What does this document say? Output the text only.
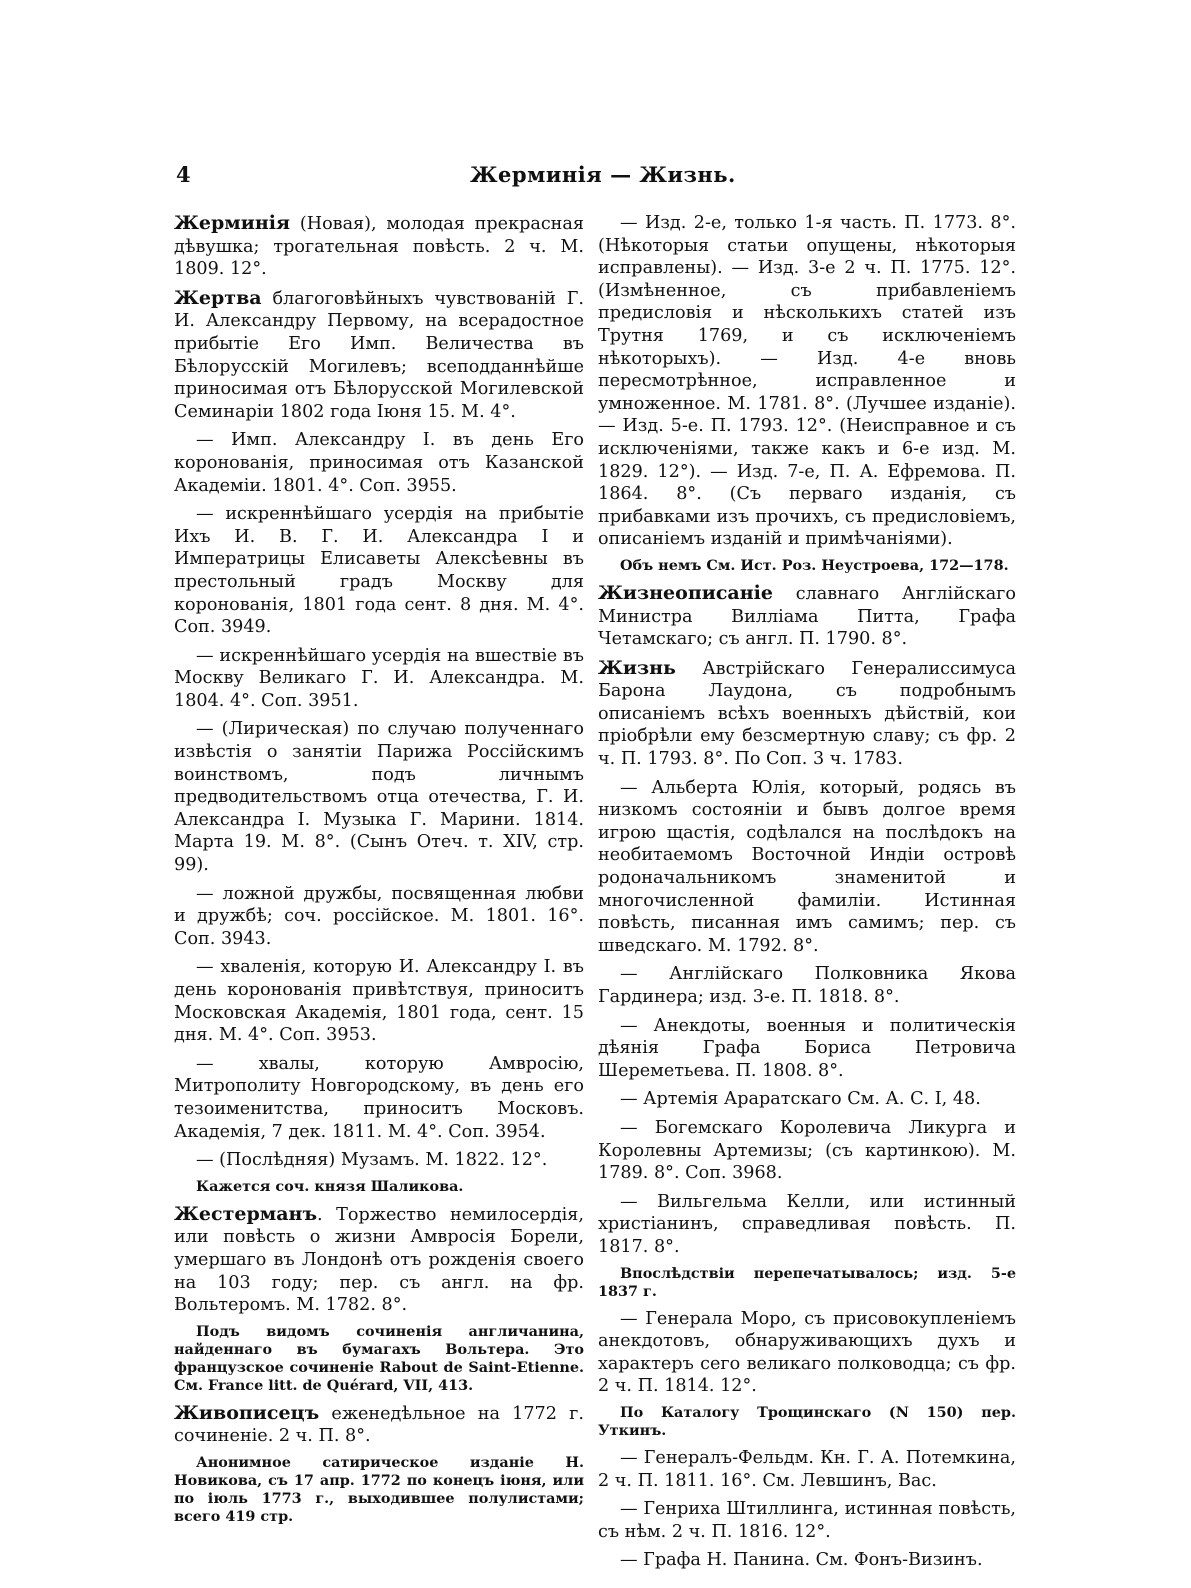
4	Жерминія — Жизнь.

Жерминія (Новая), молодая прекрасная дѣвушка; трогательная повѣсть. 2 ч. М. 1809. 12°.

Жертва благоговѣйныхъ чувствованій Г. И. Александру Первому, на всерадостное прибытіе Его Имп. Величества въ Бѣлорусскій Могилевъ; всеподданнѣйше приносимая отъ Бѣлорусской Могилевской Семинаріи 1802 года Іюня 15. М. 4°.

— Имп. Александру I. въ день Его коронованія, приносимая отъ Казанской Академіи. 1801. 4°. Соп. 3955.

— искреннѣйшаго усердія на прибытіе Ихъ И. В. Г. И. Александра I и Императрицы Елисаветы Алексѣевны въ престольный градъ Москву для коронованія, 1801 года сент. 8 дня. М. 4°. Соп. 3949.

— искреннѣйшаго усердія на вшествіе въ Москву Великаго Г. И. Александра. М. 1804. 4°. Соп. 3951.

— (Лирическая) по случаю полученнаго извѣстія о занятіи Парижа Россійскимъ воинствомъ, подъ личнымъ предводительствомъ отца отечества, Г. И. Александра I. Музыка Г. Марини. 1814. Марта 19. М. 8°. (Сынъ Отеч. т. XIV, стр. 99).

— ложной дружбы, посвященная любви и дружбѣ; соч. россійское. М. 1801. 16°. Соп. 3943.

— хваленія, которую И. Александру I. въ день коронованія привѣтствуя, приноситъ Московская Академія, 1801 года, сент. 15 дня. М. 4°. Соп. 3953.

— хвалы, которую Амвросію, Митрополиту Новгородскому, въ день его тезоименитства, приноситъ Московъ. Академія, 7 дек. 1811. М. 4°. Соп. 3954.

— (Послѣдняя) Музамъ. М. 1822. 12°.

Кажется соч. князя Шаликова.

Жестерманъ. Торжество немилосердія, или повѣсть о жизни Амвросія Борели, умершаго въ Лондонѣ отъ рожденія своего на 103 году; пер. съ англ. на фр. Вольтеромъ. М. 1782. 8°.

Подъ видомъ сочиненія англичанина, найденнаго въ бумагахъ Вольтера. Это французское сочиненіе Rabout de Saint-Etienne. См. France litt. de Quérard, VII, 413.

Живописецъ еженедѣльное на 1772 г. сочиненіе. 2 ч. П. 8°.

Анонимное сатирическое изданіе Н. Новикова, съ 17 апр. 1772 по конецъ іюня, или по іюль 1773 г., выходившее полулистами; всего 419 стр.

— Изд. 2-е, только 1-я часть. П. 1773. 8°. (Нѣкоторыя статьи опущены, нѣкоторыя исправлены). — Изд. 3-е 2 ч. П. 1775. 12°. (Измѣненное, съ прибавленіемъ предисловія и нѣсколькихъ статей изъ Трутня 1769, и съ исключеніемъ нѣкоторыхъ). — Изд. 4-е вновь пересмотрѣнное, исправленное и умноженное. М. 1781. 8°. (Лучшее изданіе). — Изд. 5-е. П. 1793. 12°. (Неисправное и съ исключеніями, также какъ и 6-е изд. М. 1829. 12°). — Изд. 7-е, П. А. Ефремова. П. 1864. 8°. (Съ перваго изданія, съ прибавками изъ прочихъ, съ предисловіемъ, описаніемъ изданій и примѣчаніями).

Объ немъ См. Ист. Роз. Неустроева, 172—178.

Жизнеописаніе славнаго Англійскаго Министра Вилліама Питта, Графа Четамскаго; съ англ. П. 1790. 8°.

Жизнь Австрійскаго Генералиссимуса Барона Лаудона, съ подробнымъ описаніемъ всѣхъ военныхъ дѣйствій, кои пріобрѣли ему безсмертную славу; съ фр. 2 ч. П. 1793. 8°. По Соп. 3 ч. 1783.

— Альберта Юлія, который, родясь въ низкомъ состояніи и бывъ долгое время игрою щастія, содѣлался на послѣдокъ на необитаемомъ Восточной Индіи островѣ родоначальникомъ знаменитой и многочисленной фамиліи. Истинная повѣсть, писанная имъ самимъ; пер. съ шведскаго. М. 1792. 8°.

— Англійскаго Полковника Якова Гардинера; изд. 3-е. П. 1818. 8°.

— Анекдоты, военныя и политическія дѣянія Графа Бориса Петровича Шереметьева. П. 1808. 8°.

— Артемія Араратскаго См. А. С. I, 48.

— Богемскаго Королевича Ликурга и Королевны Артемизы; (съ картинкою). М. 1789. 8°. Соп. 3968.

— Вильгельма Келли, или истинный христіанинъ, справедливая повѣсть. П. 1817. 8°.

Впослѣдствіи перепечатывалось; изд. 5-е 1837 г.

— Генерала Моро, съ присовокупленіемъ анекдотовъ, обнаруживающихъ духъ и характеръ сего великаго полководца; съ фр. 2 ч. П. 1814. 12°.

По Каталогу Трощинскаго (N 150) пер. Уткинъ.

— Генералъ-Фельдм. Кн. Г. А. Потемкина, 2 ч. П. 1811. 16°. См. Левшинъ, Вас.

— Генриха Штиллинга, истинная повѣсть, съ нѣм. 2 ч. П. 1816. 12°.

— Графа Н. Панина. См. Фонъ-Визинъ.
